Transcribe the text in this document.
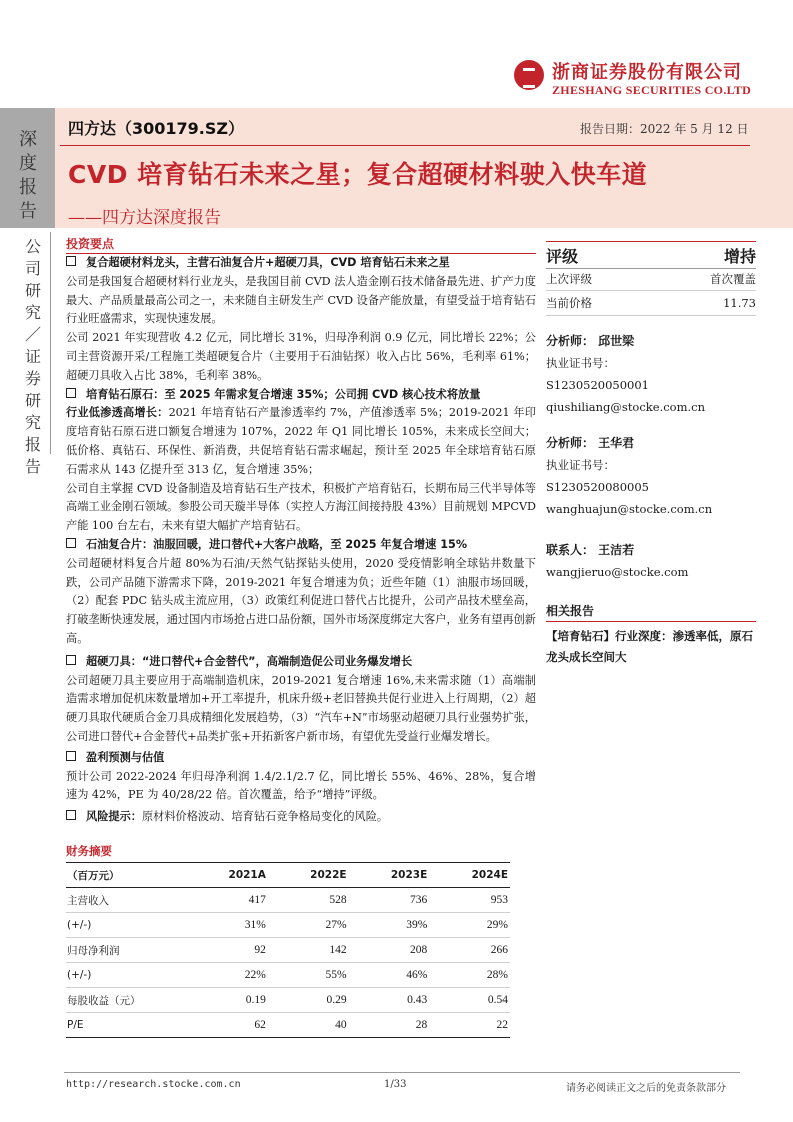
浙商证券股份有限公司
ZHESHANG SECURITIES CO.LTD
深度报告
四方达（300179.SZ）	报告日期：2022 年 5 月 12 日
CVD 培育钻石未来之星；复合超硬材料驶入快车道
——四方达深度报告
公司研究／证券研究报告
投资要点
复合超硬材料龙头，主营石油复合片+超硬刀具，CVD 培育钻石未来之星

公司是我国复合超硬材料行业龙头，是我国目前 CVD 法人造金刚石技术储备最先进、扩产力度最大、产品质量最高公司之一，未来随自主研发生产 CVD 设备产能放量，有望受益于培育钻石行业旺盛需求，实现快速发展。

公司 2021 年实现营收 4.2 亿元，同比增长 31%，归母净利润 0.9 亿元，同比增长 22%；公司主营资源开采/工程施工类超硬复合片（主要用于石油钻探）收入占比 56%，毛利率 61%；超硬刀具收入占比 38%，毛利率 38%。

培育钻石原石：至 2025 年需求复合增速 35%；公司拥 CVD 核心技术将放量

行业低渗透高增长：2021 年培育钻石产量渗透率约 7%，产值渗透率 5%；2019-2021 年印度培育钻石原石进口额复合增速为 107%，2022 年 Q1 同比增长 105%，未来成长空间大；低价格、真钻石、环保性、新消费，共促培育钻石需求崛起，预计至 2025 年全球培育钻石原石需求从 143 亿提升至 313 亿，复合增速 35%；

公司自主掌握 CVD 设备制造及培育钻石生产技术，积极扩产培育钻石，长期布局三代半导体等高端工业金刚石领域。参股公司天璇半导体（实控人方海江间接持股 43%）目前规划 MPCVD 产能 100 台左右，未来有望大幅扩产培育钻石。

石油复合片：油服回暖，进口替代+大客户战略，至 2025 年复合增速 15%

公司超硬材料复合片超 80%为石油/天然气钻探钻头使用，2020 受疫情影响全球钻井数量下跌，公司产品随下游需求下降，2019-2021 年复合增速为负；近些年随（1）油服市场回暖，（2）配套 PDC 钻头成主流应用，（3）政策红利促进口替代占比提升，公司产品技术壁垒高，打破垄断快速发展，通过国内市场抢占进口品份额，国外市场深度绑定大客户，业务有望再创新高。

超硬刀具：“进口替代+合金替代”，高端制造促公司业务爆发增长

公司超硬刀具主要应用于高端制造机床，2019-2021 复合增速 16%,未来需求随（1）高端制造需求增加促机床数量增加+开工率提升，机床升级+老旧替换共促行业进入上行周期，（2）超硬刀具取代硬质合金刀具成精细化发展趋势，（3）“汽车+N”市场驱动超硬刀具行业强势扩张，公司进口替代+合金替代+品类扩张+开拓新客户新市场，有望优先受益行业爆发增长。

盈利预测与估值

预计公司 2022-2024 年归母净利润 1.4/2.1/2.7 亿，同比增长 55%、46%、28%，复合增速为 42%，PE 为 40/28/22 倍。首次覆盖，给予“增持”评级。

风险提示：原材料价格波动、培育钻石竞争格局变化的风险。
评级	增持
上次评级	首次覆盖
当前价格	11.73
分析师： 邱世梁
执业证书号：
S1230520050001
qiushiliang@stocke.com.cn
分析师： 王华君
执业证书号：
S1230520080005
wanghuajun@stocke.com.cn
联系人： 王洁若
wangjieruo@stocke.com
相关报告
【培育钻石】行业深度：渗透率低，原石龙头成长空间大
财务摘要
（百万元）	2021A	2022E	2023E	2024E
主营收入	417	528	736	953
(+/-)	31%	27%	39%	29%
归母净利润	92	142	208	266
(+/-)	22%	55%	46%	28%
每股收益（元）	0.19	0.29	0.43	0.54
P/E	62	40	28	22
http://research.stocke.com.cn	1/33	请务必阅读正文之后的免责条款部分
